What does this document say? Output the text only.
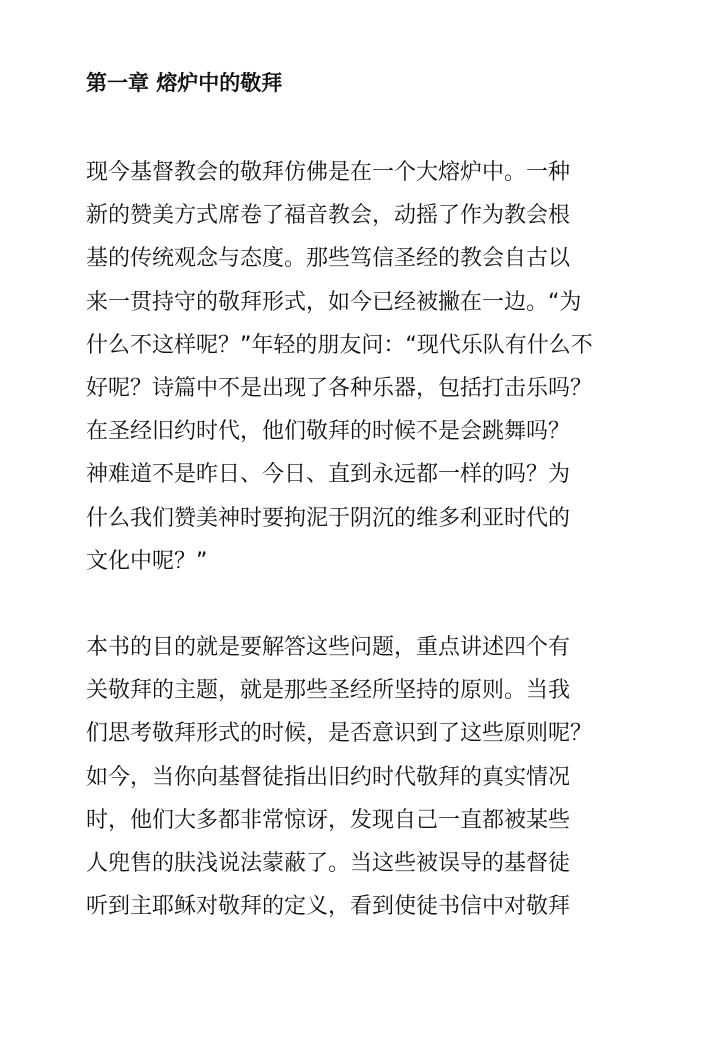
第一章 熔炉中的敬拜

现今基督教会的敬拜仿佛是在一个大熔炉中。一种
新的赞美方式席卷了福音教会，动摇了作为教会根
基的传统观念与态度。那些笃信圣经的教会自古以
来一贯持守的敬拜形式，如今已经被撇在一边。“为
什么不这样呢？”年轻的朋友问：“现代乐队有什么不
好呢？诗篇中不是出现了各种乐器，包括打击乐吗？
在圣经旧约时代，他们敬拜的时候不是会跳舞吗？
神难道不是昨日、今日、直到永远都一样的吗？为
什么我们赞美神时要拘泥于阴沉的维多利亚时代的
文化中呢？”

本书的目的就是要解答这些问题，重点讲述四个有
关敬拜的主题，就是那些圣经所坚持的原则。当我
们思考敬拜形式的时候，是否意识到了这些原则呢？
如今，当你向基督徒指出旧约时代敬拜的真实情况
时，他们大多都非常惊讶，发现自己一直都被某些
人兜售的肤浅说法蒙蔽了。当这些被误导的基督徒
听到主耶稣对敬拜的定义，看到使徒书信中对敬拜
